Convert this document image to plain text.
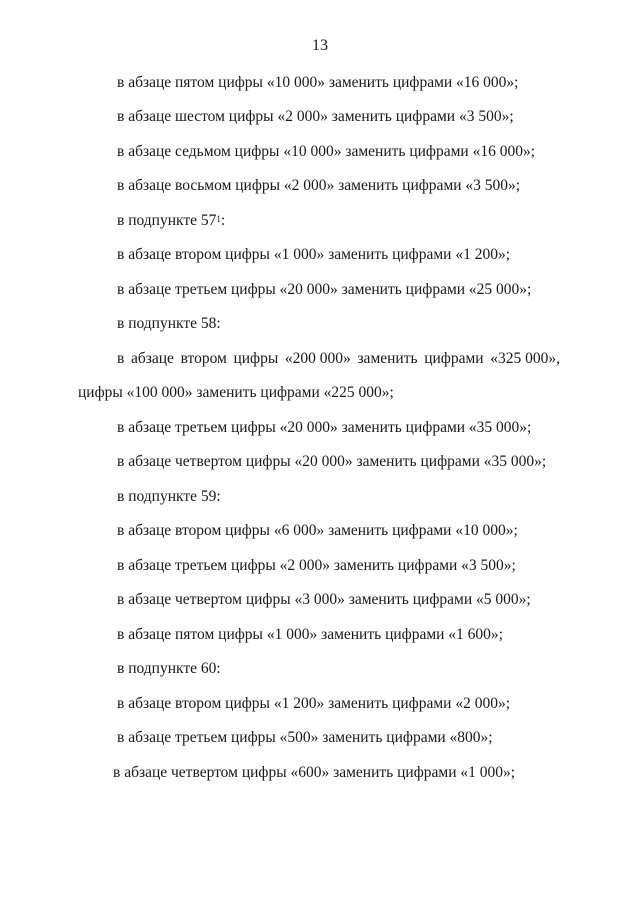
13
в абзаце пятом цифры «10 000» заменить цифрами «16 000»;
в абзаце шестом цифры «2 000» заменить цифрами «3 500»;
в абзаце седьмом цифры «10 000» заменить цифрами «16 000»;
в абзаце восьмом цифры «2 000» заменить цифрами «3 500»;
в подпункте $57^1$:
в абзаце втором цифры «1 000» заменить цифрами «1 200»;
в абзаце третьем цифры «20 000» заменить цифрами «25 000»;
в подпункте 58:
в абзаце втором цифры «200 000» заменить цифрами «325 000»,
цифры «100 000» заменить цифрами «225 000»;
в абзаце третьем цифры «20 000» заменить цифрами «35 000»;
в абзаце четвертом цифры «20 000» заменить цифрами «35 000»;
в подпункте 59:
в абзаце втором цифры «6 000» заменить цифрами «10 000»;
в абзаце третьем цифры «2 000» заменить цифрами «3 500»;
в абзаце четвертом цифры «3 000» заменить цифрами «5 000»;
в абзаце пятом цифры «1 000» заменить цифрами «1 600»;
в подпункте 60:
в абзаце втором цифры «1 200» заменить цифрами «2 000»;
в абзаце третьем цифры «500» заменить цифрами «800»;
в абзаце четвертом цифры «600» заменить цифрами «1 000»;
